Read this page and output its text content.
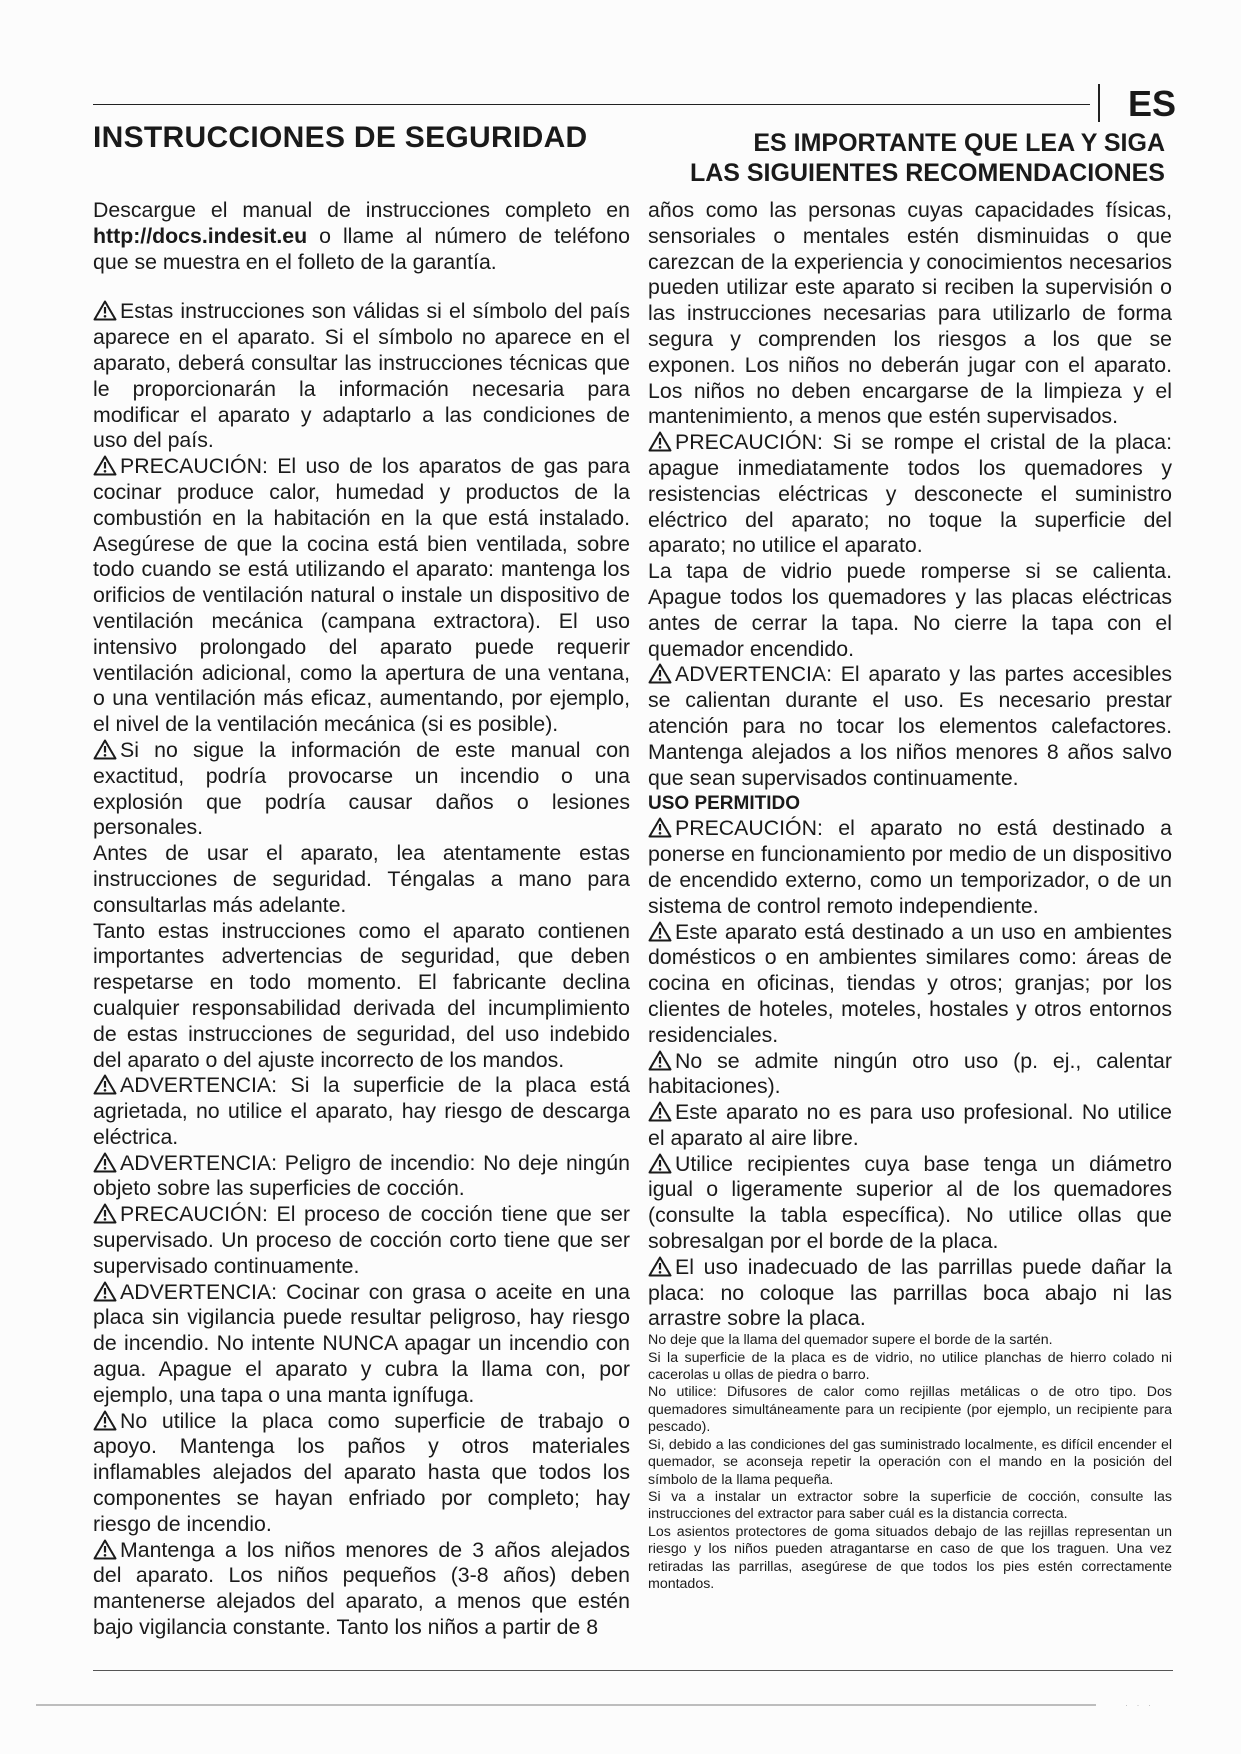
ES
INSTRUCCIONES DE SEGURIDAD	ES IMPORTANTE QUE LEA Y SIGA
LAS SIGUIENTES RECOMENDACIONES

Descargue el manual de instrucciones completo en http://docs.indesit.eu o llame al número de teléfono que se muestra en el folleto de la garantía.

Estas instrucciones son válidas si el símbolo del país aparece en el aparato. Si el símbolo no aparece en el aparato, deberá consultar las instrucciones técnicas que le proporcionarán la información necesaria para modificar el aparato y adaptarlo a las condiciones de uso del país.

PRECAUCIÓN: El uso de los aparatos de gas para cocinar produce calor, humedad y productos de la combustión en la habitación en la que está instalado. Asegúrese de que la cocina está bien ventilada, sobre todo cuando se está utilizando el aparato: mantenga los orificios de ventilación natural o instale un dispositivo de ventilación mecánica (campana extractora). El uso intensivo prolongado del aparato puede requerir ventilación adicional, como la apertura de una ventana, o una ventilación más eficaz, aumentando, por ejemplo, el nivel de la ventilación mecánica (si es posible).

Si no sigue la información de este manual con exactitud, podría provocarse un incendio o una explosión que podría causar daños o lesiones personales.

Antes de usar el aparato, lea atentamente estas instrucciones de seguridad. Téngalas a mano para consultarlas más adelante.

Tanto estas instrucciones como el aparato contienen importantes advertencias de seguridad, que deben respetarse en todo momento. El fabricante declina cualquier responsabilidad derivada del incumplimiento de estas instrucciones de seguridad, del uso indebido del aparato o del ajuste incorrecto de los mandos.

ADVERTENCIA: Si la superficie de la placa está agrietada, no utilice el aparato, hay riesgo de descarga eléctrica.

ADVERTENCIA: Peligro de incendio: No deje ningún objeto sobre las superficies de cocción.

PRECAUCIÓN: El proceso de cocción tiene que ser supervisado. Un proceso de cocción corto tiene que ser supervisado continuamente.

ADVERTENCIA: Cocinar con grasa o aceite en una placa sin vigilancia puede resultar peligroso, hay riesgo de incendio. No intente NUNCA apagar un incendio con agua. Apague el aparato y cubra la llama con, por ejemplo, una tapa o una manta ignífuga.

No utilice la placa como superficie de trabajo o apoyo. Mantenga los paños y otros materiales inflamables alejados del aparato hasta que todos los componentes se hayan enfriado por completo; hay riesgo de incendio.

Mantenga a los niños menores de 3 años alejados del aparato. Los niños pequeños (3-8 años) deben mantenerse alejados del aparato, a menos que estén bajo vigilancia constante. Tanto los niños a partir de 8

años como las personas cuyas capacidades físicas, sensoriales o mentales estén disminuidas o que carezcan de la experiencia y conocimientos necesarios pueden utilizar este aparato si reciben la supervisión o las instrucciones necesarias para utilizarlo de forma segura y comprenden los riesgos a los que se exponen. Los niños no deberán jugar con el aparato. Los niños no deben encargarse de la limpieza y el mantenimiento, a menos que estén supervisados.

PRECAUCIÓN: Si se rompe el cristal de la placa: apague inmediatamente todos los quemadores y resistencias eléctricas y desconecte el suministro eléctrico del aparato; no toque la superficie del aparato; no utilice el aparato.

La tapa de vidrio puede romperse si se calienta. Apague todos los quemadores y las placas eléctricas antes de cerrar la tapa. No cierre la tapa con el quemador encendido.

ADVERTENCIA: El aparato y las partes accesibles se calientan durante el uso. Es necesario prestar atención para no tocar los elementos calefactores. Mantenga alejados a los niños menores 8 años salvo que sean supervisados continuamente.

USO PERMITIDO

PRECAUCIÓN: el aparato no está destinado a ponerse en funcionamiento por medio de un dispositivo de encendido externo, como un temporizador, o de un sistema de control remoto independiente.

Este aparato está destinado a un uso en ambientes domésticos o en ambientes similares como: áreas de cocina en oficinas, tiendas y otros; granjas; por los clientes de hoteles, moteles, hostales y otros entornos residenciales.

No se admite ningún otro uso (p. ej., calentar habitaciones).

Este aparato no es para uso profesional. No utilice el aparato al aire libre.

Utilice recipientes cuya base tenga un diámetro igual o ligeramente superior al de los quemadores (consulte la tabla específica). No utilice ollas que sobresalgan por el borde de la placa.

El uso inadecuado de las parrillas puede dañar la placa: no coloque las parrillas boca abajo ni las arrastre sobre la placa.

No deje que la llama del quemador supere el borde de la sartén.

Si la superficie de la placa es de vidrio, no utilice planchas de hierro colado ni cacerolas u ollas de piedra o barro.

No utilice: Difusores de calor como rejillas metálicas o de otro tipo. Dos quemadores simultáneamente para un recipiente (por ejemplo, un recipiente para pescado).

Si, debido a las condiciones del gas suministrado localmente, es difícil encender el quemador, se aconseja repetir la operación con el mando en la posición del símbolo de la llama pequeña.

Si va a instalar un extractor sobre la superficie de cocción, consulte las instrucciones del extractor para saber cuál es la distancia correcta.

Los asientos protectores de goma situados debajo de las rejillas representan un riesgo y los niños pueden atragantarse en caso de que los traguen. Una vez retiradas las parrillas, asegúrese de que todos los pies estén correctamente montados.

· · ·
